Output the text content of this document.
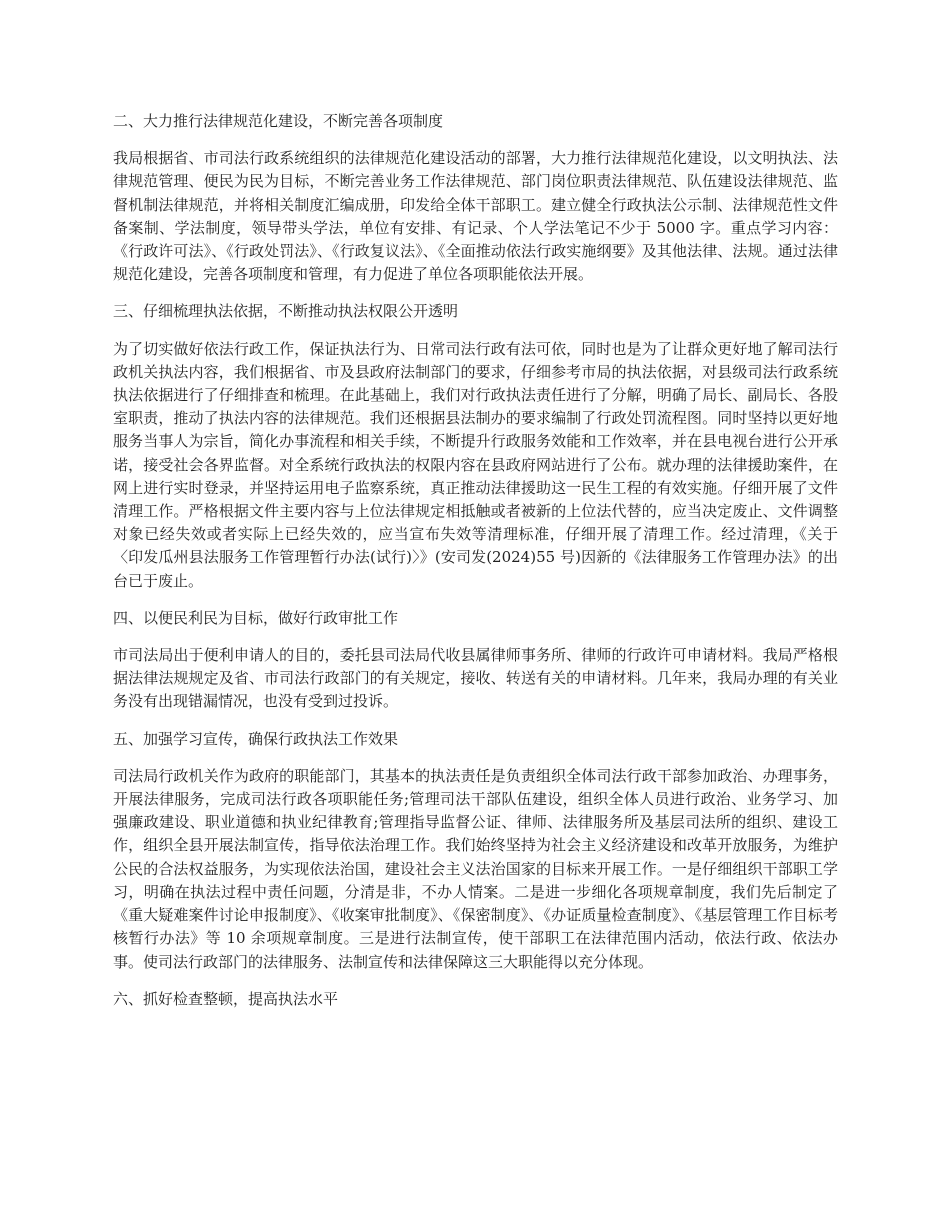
二、大力推行法律规范化建设，不断完善各项制度

我局根据省、市司法行政系统组织的法律规范化建设活动的部署，大力推行法律规范化建设，以文明执法、法律规范管理、便民为民为目标，不断完善业务工作法律规范、部门岗位职责法律规范、队伍建设法律规范、监督机制法律规范，并将相关制度汇编成册，印发给全体干部职工。建立健全行政执法公示制、法律规范性文件备案制、学法制度，领导带头学法，单位有安排、有记录、个人学法笔记不少于 5000 字。重点学习内容：《行政许可法》、《行政处罚法》、《行政复议法》、《全面推动依法行政实施纲要》及其他法律、法规。通过法律规范化建设，完善各项制度和管理，有力促进了单位各项职能依法开展。

三、仔细梳理执法依据，不断推动执法权限公开透明

为了切实做好依法行政工作，保证执法行为、日常司法行政有法可依，同时也是为了让群众更好地了解司法行政机关执法内容，我们根据省、市及县政府法制部门的要求，仔细参考市局的执法依据，对县级司法行政系统执法依据进行了仔细排查和梳理。在此基础上，我们对行政执法责任进行了分解，明确了局长、副局长、各股室职责，推动了执法内容的法律规范。我们还根据县法制办的要求编制了行政处罚流程图。同时坚持以更好地服务当事人为宗旨，简化办事流程和相关手续，不断提升行政服务效能和工作效率，并在县电视台进行公开承诺，接受社会各界监督。对全系统行政执法的权限内容在县政府网站进行了公布。就办理的法律援助案件，在网上进行实时登录，并坚持运用电子监察系统，真正推动法律援助这一民生工程的有效实施。仔细开展了文件清理工作。严格根据文件主要内容与上位法律规定相抵触或者被新的上位法代替的，应当决定废止、文件调整对象已经失效或者实际上已经失效的，应当宣布失效等清理标准，仔细开展了清理工作。经过清理，《关于〈印发瓜州县法服务工作管理暂行办法(试行)〉》(安司发(2024)55 号)因新的《法律服务工作管理办法》的出台已于废止。

四、以便民利民为目标，做好行政审批工作

市司法局出于便利申请人的目的，委托县司法局代收县属律师事务所、律师的行政许可申请材料。我局严格根据法律法规规定及省、市司法行政部门的有关规定，接收、转送有关的申请材料。几年来，我局办理的有关业务没有出现错漏情况，也没有受到过投诉。

五、加强学习宣传，确保行政执法工作效果

司法局行政机关作为政府的职能部门，其基本的执法责任是负责组织全体司法行政干部参加政治、办理事务，开展法律服务，完成司法行政各项职能任务;管理司法干部队伍建设，组织全体人员进行政治、业务学习、加强廉政建设、职业道德和执业纪律教育;管理指导监督公证、律师、法律服务所及基层司法所的组织、建设工作，组织全县开展法制宣传，指导依法治理工作。我们始终坚持为社会主义经济建设和改革开放服务，为维护公民的合法权益服务，为实现依法治国，建设社会主义法治国家的目标来开展工作。一是仔细组织干部职工学习，明确在执法过程中责任问题，分清是非，不办人情案。二是进一步细化各项规章制度，我们先后制定了《重大疑难案件讨论申报制度》、《收案审批制度》、《保密制度》、《办证质量检查制度》、《基层管理工作目标考核暂行办法》等 10 余项规章制度。三是进行法制宣传，使干部职工在法律范围内活动，依法行政、依法办事。使司法行政部门的法律服务、法制宣传和法律保障这三大职能得以充分体现。

六、抓好检查整顿，提高执法水平
